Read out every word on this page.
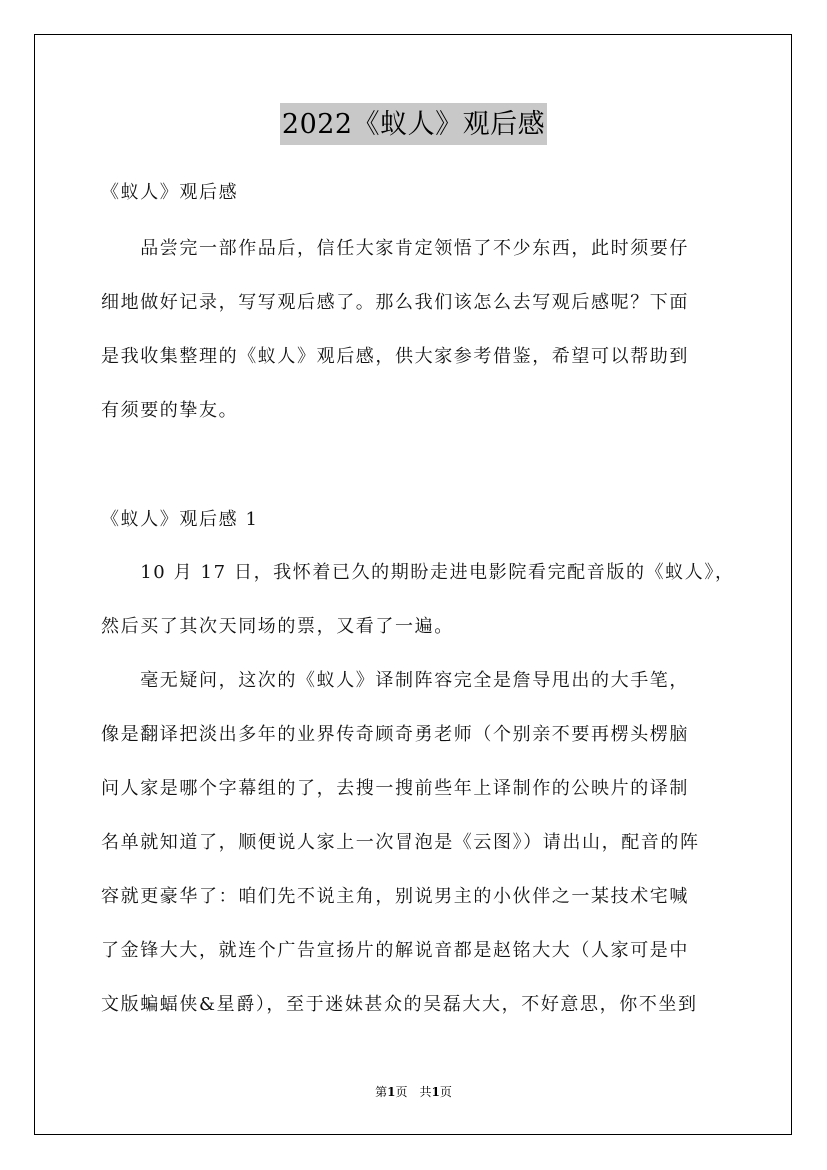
2022《蚁人》观后感
《蚁人》观后感
　　品尝完一部作品后，信任大家肯定领悟了不少东西，此时须要仔
细地做好记录，写写观后感了。那么我们该怎么去写观后感呢？下面
是我收集整理的《蚁人》观后感，供大家参考借鉴，希望可以帮助到
有须要的挚友。
《蚁人》观后感 1
　　10 月 17 日，我怀着已久的期盼走进电影院看完配音版的《蚁人》，
然后买了其次天同场的票，又看了一遍。
　　毫无疑问，这次的《蚁人》译制阵容完全是詹导甩出的大手笔，
像是翻译把淡出多年的业界传奇顾奇勇老师（个别亲不要再楞头楞脑
问人家是哪个字幕组的了，去搜一搜前些年上译制作的公映片的译制
名单就知道了，顺便说人家上一次冒泡是《云图》）请出山，配音的阵
容就更豪华了：咱们先不说主角，别说男主的小伙伴之一某技术宅喊
了金锋大大，就连个广告宣扬片的解说音都是赵铭大大（人家可是中
文版蝙蝠侠&星爵），至于迷妹甚众的吴磊大大，不好意思，你不坐到
第1页　共1页
